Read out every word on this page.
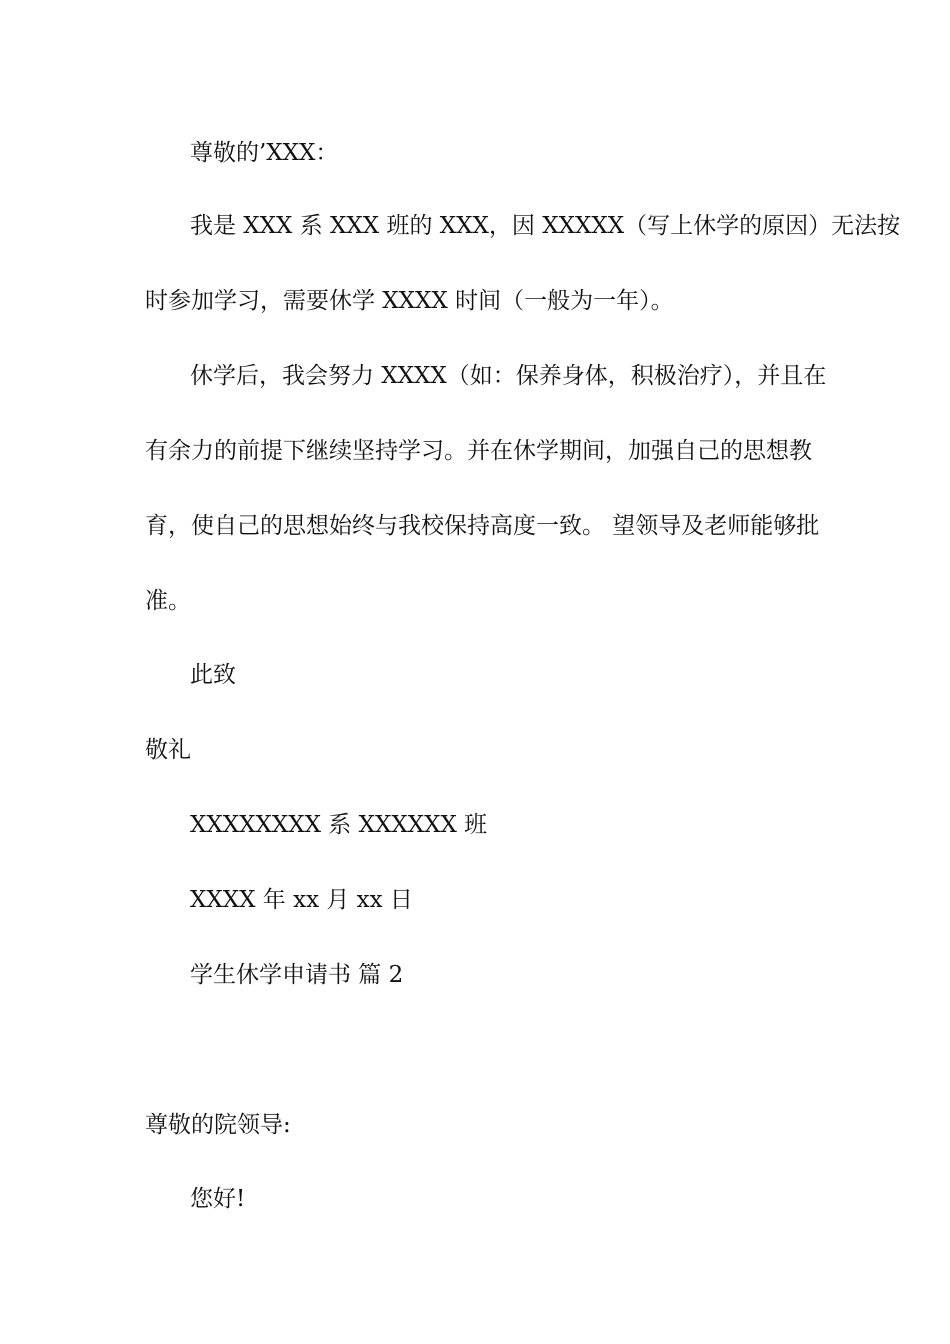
尊敬的’XXX：
我是 XXX 系 XXX 班的 XXX，因 XXXXX（写上休学的原因）无法按
时参加学习，需要休学 XXXX 时间（一般为一年）。
休学后，我会努力 XXXX（如：保养身体，积极治疗），并且在
有余力的前提下继续坚持学习。并在休学期间，加强自己的思想教
育，使自己的思想始终与我校保持高度一致。 望领导及老师能够批
准。
此致
敬礼
XXXXXXXX 系 XXXXXX 班
XXXX 年 xx 月 xx 日
学生休学申请书 篇 2
尊敬的院领导:
您好!
